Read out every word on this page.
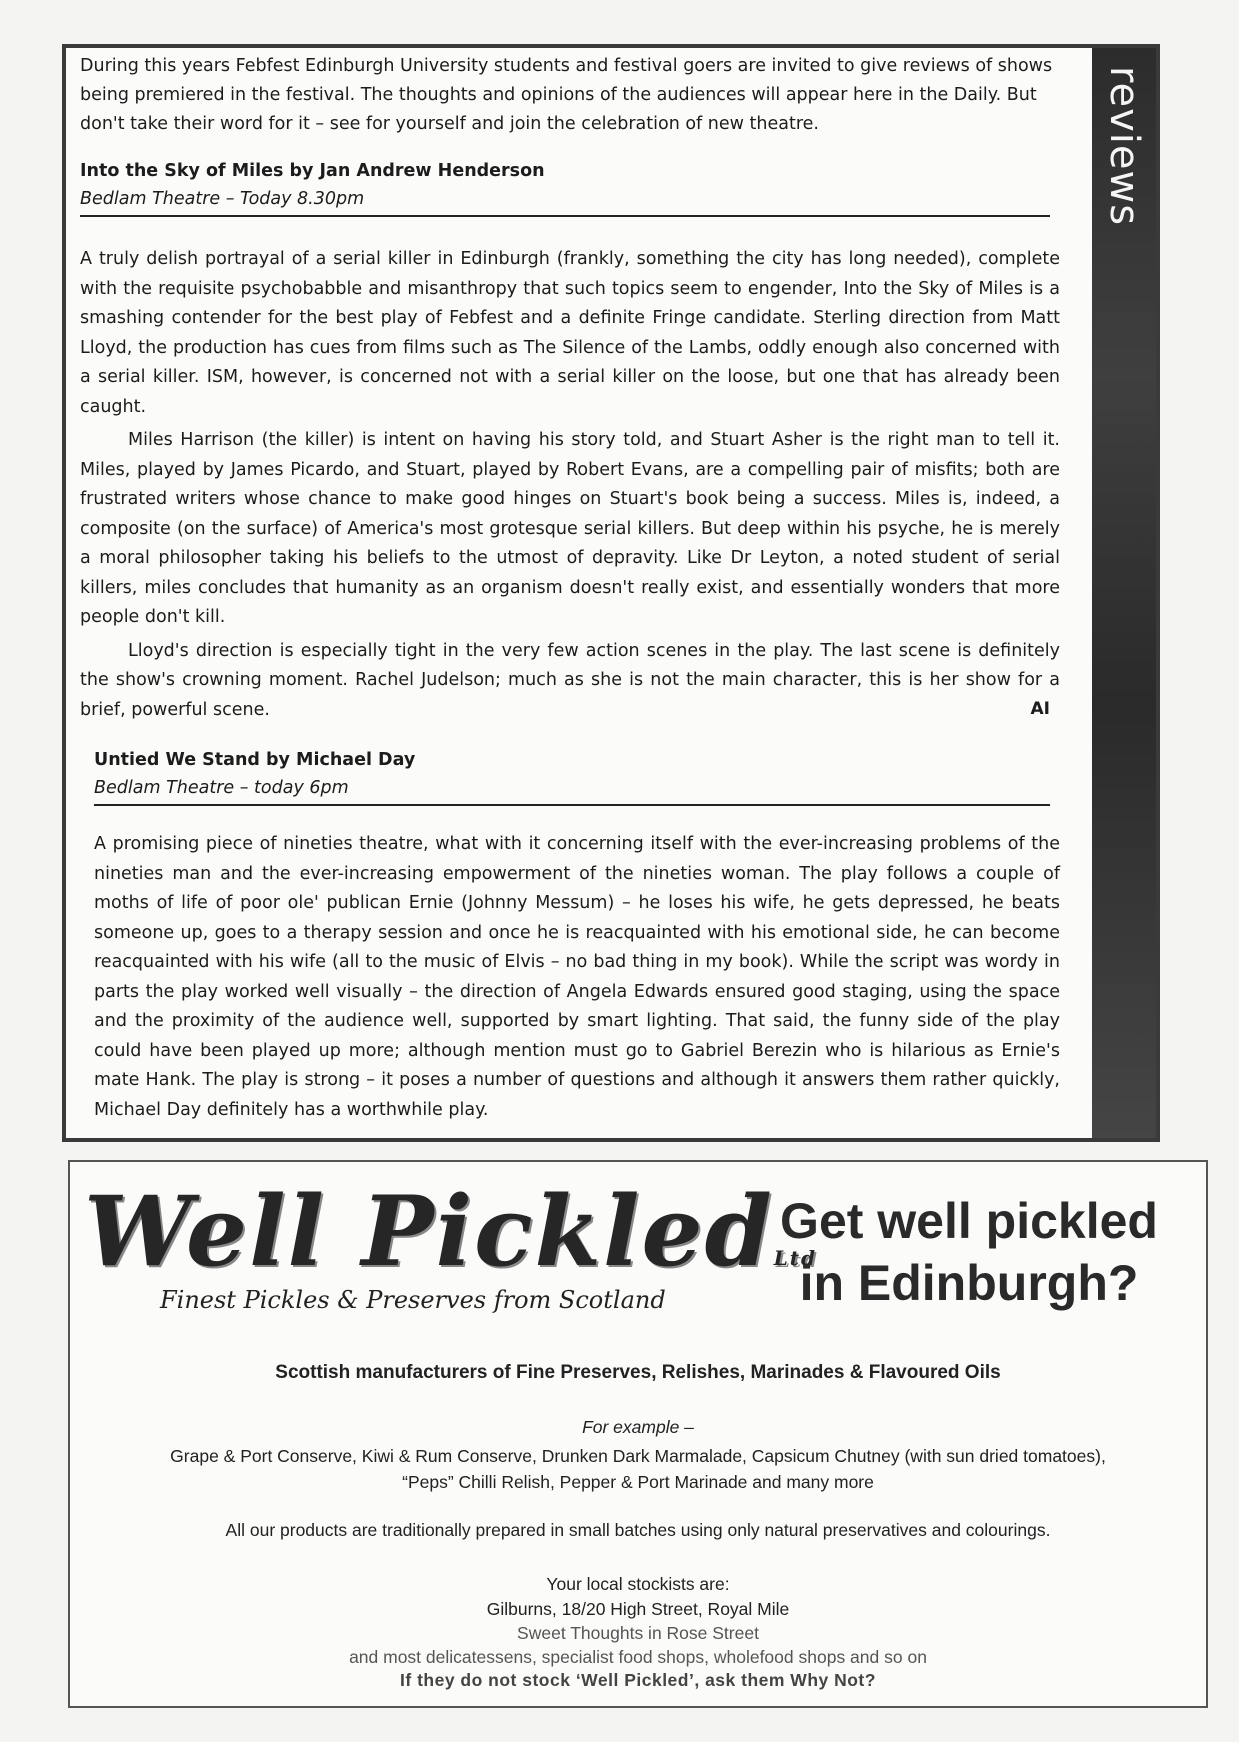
reviews

During this years Febfest Edinburgh University students and festival goers are invited to give reviews of shows being premiered in the festival. The thoughts and opinions of the audiences will appear here in the Daily. But don't take their word for it – see for yourself and join the celebration of new theatre.

Into the Sky of Miles by Jan Andrew Henderson

Bedlam Theatre – Today 8.30pm

A truly delish portrayal of a serial killer in Edinburgh (frankly, something the city has long needed), complete with the requisite psychobabble and misanthropy that such topics seem to engender, Into the Sky of Miles is a smashing contender for the best play of Febfest and a definite Fringe candidate. Sterling direction from Matt Lloyd, the production has cues from films such as The Silence of the Lambs, oddly enough also concerned with a serial killer. ISM, however, is concerned not with a serial killer on the loose, but one that has already been caught.

Miles Harrison (the killer) is intent on having his story told, and Stuart Asher is the right man to tell it. Miles, played by James Picardo, and Stuart, played by Robert Evans, are a compelling pair of misfits; both are frustrated writers whose chance to make good hinges on Stuart's book being a success. Miles is, indeed, a composite (on the surface) of America's most grotesque serial killers. But deep within his psyche, he is merely a moral philosopher taking his beliefs to the utmost of depravity. Like Dr Leyton, a noted student of serial killers, miles concludes that humanity as an organism doesn't really exist, and essentially wonders that more people don't kill.

Lloyd's direction is especially tight in the very few action scenes in the play. The last scene is definitely the show's crowning moment. Rachel Judelson; much as she is not the main character, this is her show for a brief, powerful scene.	AI

Untied We Stand by Michael Day

Bedlam Theatre – today 6pm

A promising piece of nineties theatre, what with it concerning itself with the ever-increasing problems of the nineties man and the ever-increasing empowerment of the nineties woman. The play follows a couple of moths of life of poor ole' publican Ernie (Johnny Messum) – he loses his wife, he gets depressed, he beats someone up, goes to a therapy session and once he is reacquainted with his emotional side, he can become reacquainted with his wife (all to the music of Elvis – no bad thing in my book). While the script was wordy in parts the play worked well visually – the direction of Angela Edwards ensured good staging, using the space and the proximity of the audience well, supported by smart lighting. That said, the funny side of the play could have been played up more; although mention must go to Gabriel Berezin who is hilarious as Ernie's mate Hank. The play is strong – it poses a number of questions and although it answers them rather quickly, Michael Day definitely has a worthwhile play.

Well PickledLtd
Finest Pickles & Preserves from Scotland
Get well pickled
in Edinburgh?
Scottish manufacturers of Fine Preserves, Relishes, Marinades & Flavoured Oils
For example –
Grape & Port Conserve, Kiwi & Rum Conserve, Drunken Dark Marmalade, Capsicum Chutney (with sun dried tomatoes),
“Peps” Chilli Relish, Pepper & Port Marinade and many more
All our products are traditionally prepared in small batches using only natural preservatives and colourings.
Your local stockists are:
Gilburns, 18/20 High Street, Royal Mile
Sweet Thoughts in Rose Street
and most delicatessens, specialist food shops, wholefood shops and so on
If they do not stock ‘Well Pickled’, ask them Why Not?
